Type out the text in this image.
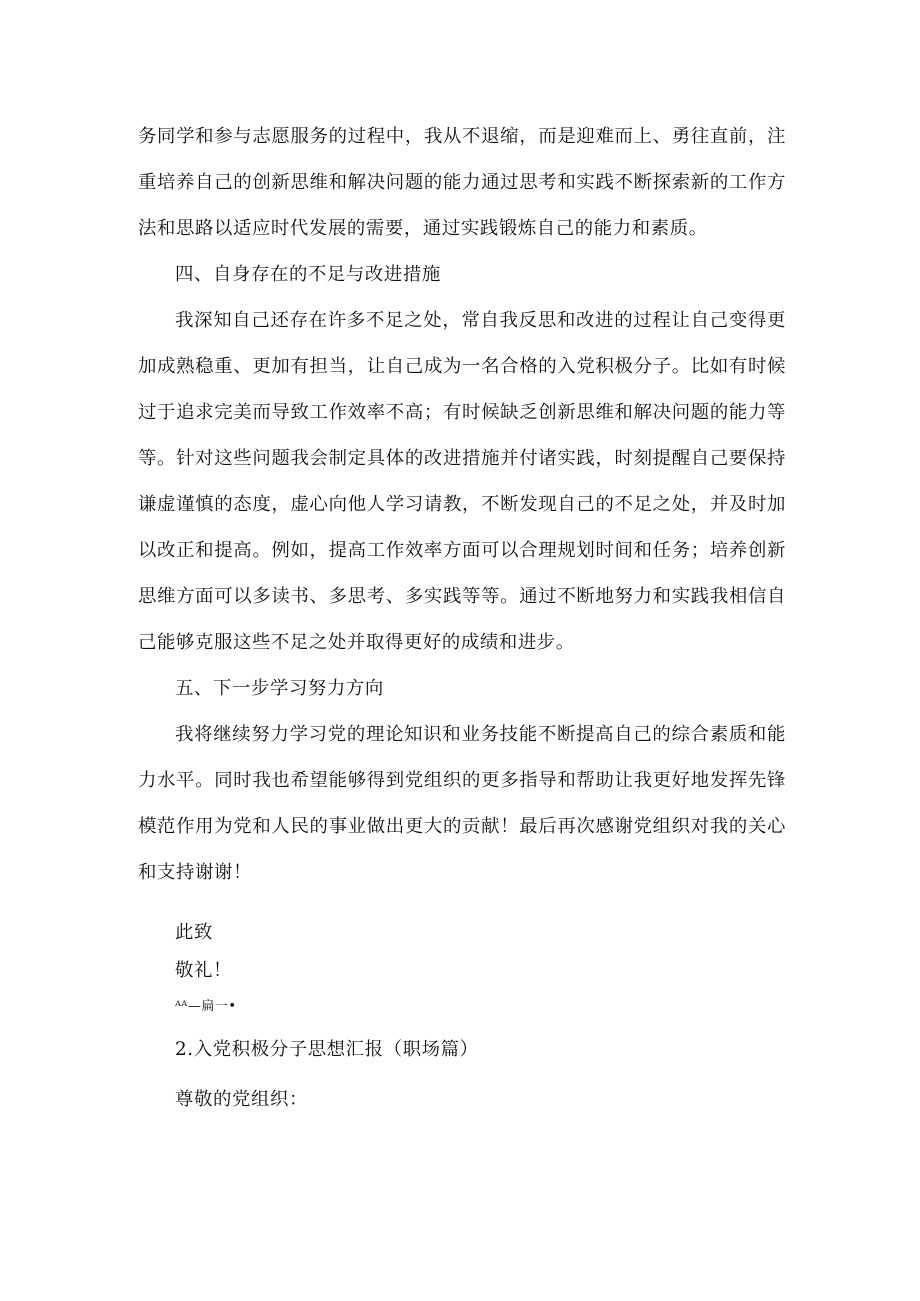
务同学和参与志愿服务的过程中，我从不退缩，而是迎难而上、勇往直前，注重培养自己的创新思维和解决问题的能力通过思考和实践不断探索新的工作方法和思路以适应时代发展的需要，通过实践锻炼自己的能力和素质。

四、自身存在的不足与改进措施

我深知自己还存在许多不足之处，常自我反思和改进的过程让自己变得更加成熟稳重、更加有担当，让自己成为一名合格的入党积极分子。比如有时候过于追求完美而导致工作效率不高；有时候缺乏创新思维和解决问题的能力等等。针对这些问题我会制定具体的改进措施并付诸实践，时刻提醒自己要保持谦虚谨慎的态度，虚心向他人学习请教，不断发现自己的不足之处，并及时加以改正和提高。例如，提高工作效率方面可以合理规划时间和任务；培养创新思维方面可以多读书、多思考、多实践等等。通过不断地努力和实践我相信自己能够克服这些不足之处并取得更好的成绩和进步。

五、下一步学习努力方向

我将继续努力学习党的理论知识和业务技能不断提高自己的综合素质和能力水平。同时我也希望能够得到党组织的更多指导和帮助让我更好地发挥先锋模范作用为党和人民的事业做出更大的贡献！最后再次感谢党组织对我的关心和支持谢谢！

此致

敬礼！

ᴬᴬ—扁一•

2.入党积极分子思想汇报（职场篇）

尊敬的党组织：
